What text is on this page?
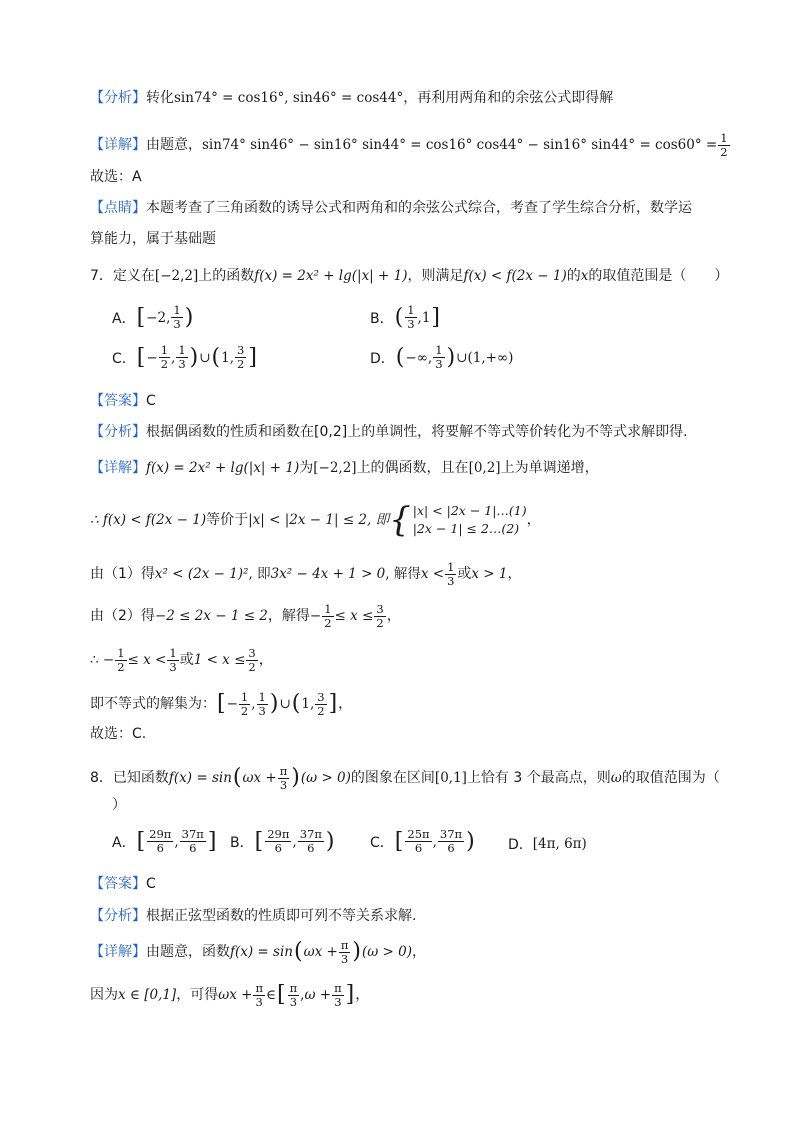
【分析】 转化 sin74° = cos16°, sin46° = cos44° ，再利用两角和的余弦公式即得解
【详解】 由题意， sin74° sin46° − sin16° sin44° = cos16° cos44° − sin16° $\sin 44^\circ = \cos 60^\circ = \frac{1}{2}$
故选：A
【点睛】 本题考查了三角函数的诱导公式和两角和的余弦公式综合，考查了学生综合分析，数学运
算能力，属于基础题
7． 定义在 [−2,2] 上的函数 f(x) = 2x² + lg(|x| + 1) ，则满足 f(x) < f(2x − 1) 的 x 的取值范围是（　　）
A． [ −2, $\frac{1}{3}$ )	B． ( $\frac{1}{3}$ , 1 ]
C． [ − $\frac{1}{2}$ , $\frac{1}{3}$ ) ∪ ( 1, $\frac{3}{2}$ ]	D． ( −∞, $\frac{1}{3}$ ) ∪(1,+∞)
【答案】 C
【分析】 根据偶函数的性质和函数在[0,2]上的单调性，将要解不等式等价转化为不等式求解即得.
【详解】 f(x) = 2x² + lg(|x| + 1) 为 [−2,2] 上的偶函数，且在 [0,2] 上为单调递增，
∴ f(x) < f(2x − 1) 等价于 |x| < |2x − 1| ≤ 2, 即 { |x| < |2x − 1|…(1)
|2x − 1| ≤ 2…(2)
，
由（1）得 x² < (2x − 1)² , 即 3x² − 4x + 1 > 0 , 解得 $x < \frac{1}{3}$ 或 x > 1 ，
由（2）得 −2 ≤ 2x − 1 ≤ 2 ，解得 − $\frac{1}{2} \le x \le \frac{3}{2}$ ，
∴ − $\frac{1}{2} \le x < \frac{1}{3}$ 或 $1 < x \le \frac{3}{2}$ ，
即不等式的解集为： [ − $\frac{1}{2}$ , $\frac{1}{3}$ ) ∪ ( 1, $\frac{3}{2}$ ] ，
故选：C.
8． 已知函数 f(x) = sin ( $\omega x + \frac{\pi}{3}$ ) (ω > 0) 的图象在区间 [0,1] 上恰有 3 个最高点，则 ω 的取值范围为（
）
A． [ $\frac{29\pi}{6}$ , $\frac{37\pi}{6}$ ] B． [ $\frac{29\pi}{6}$ , $\frac{37\pi}{6}$ )	C． [ $\frac{25\pi}{6}$ , $\frac{37\pi}{6}$ ) D． [4π, 6π)
【答案】 C
【分析】 根据正弦型函数的性质即可列不等关系求解.
【详解】 由题意，函数 f(x) = sin ( $\omega x + \frac{\pi}{3}$ ) (ω > 0) ，
因为 x ∈ [0,1] ，可得 $\omega x + \frac{\pi}{3}$ ∈ [ $\frac{\pi}{3}$ , $\omega + \frac{\pi}{3}$ ] ，
